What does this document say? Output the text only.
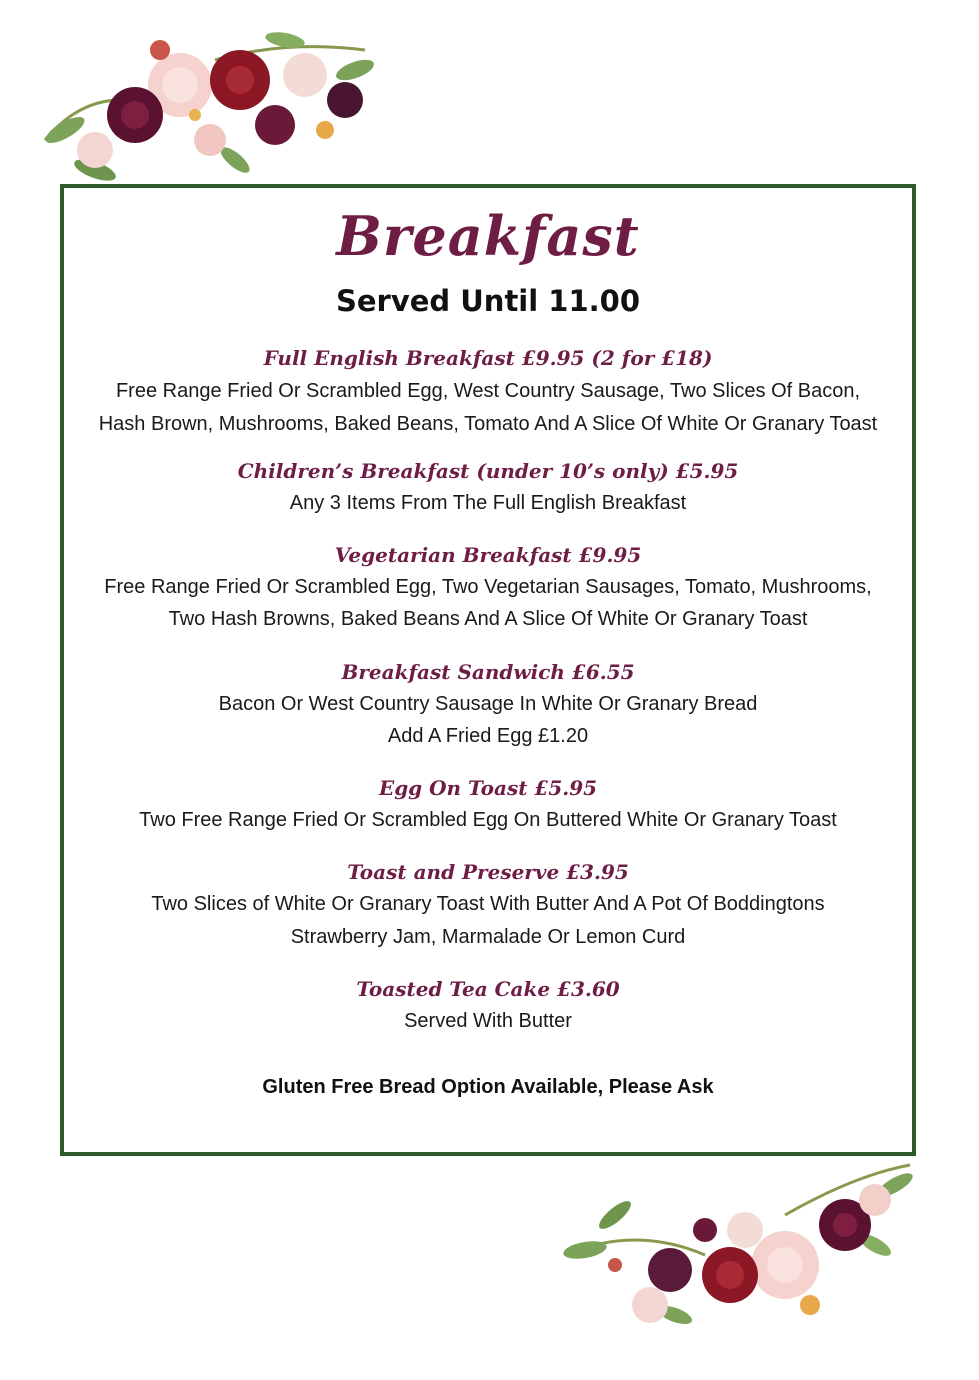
Breakfast
Served Until 11.00
Full English Breakfast £9.95 (2 for £18)
Free Range Fried Or Scrambled Egg, West Country Sausage, Two Slices Of Bacon,
Hash Brown, Mushrooms, Baked Beans, Tomato And A Slice Of White Or Granary Toast
Children’s Breakfast (under 10’s only) £5.95
Any 3 Items From The Full English Breakfast
Vegetarian Breakfast £9.95
Free Range Fried Or Scrambled Egg, Two Vegetarian Sausages, Tomato, Mushrooms,
Two Hash Browns, Baked Beans And A Slice Of White Or Granary Toast
Breakfast Sandwich £6.55
Bacon Or West Country Sausage In White Or Granary Bread
Add A Fried Egg £1.20
Egg On Toast £5.95
Two Free Range Fried Or Scrambled Egg On Buttered White Or Granary Toast
Toast and Preserve £3.95
Two Slices of White Or Granary Toast With Butter And A Pot Of Boddingtons
Strawberry Jam, Marmalade Or Lemon Curd
Toasted Tea Cake £3.60
Served With Butter
Gluten Free Bread Option Available, Please Ask
